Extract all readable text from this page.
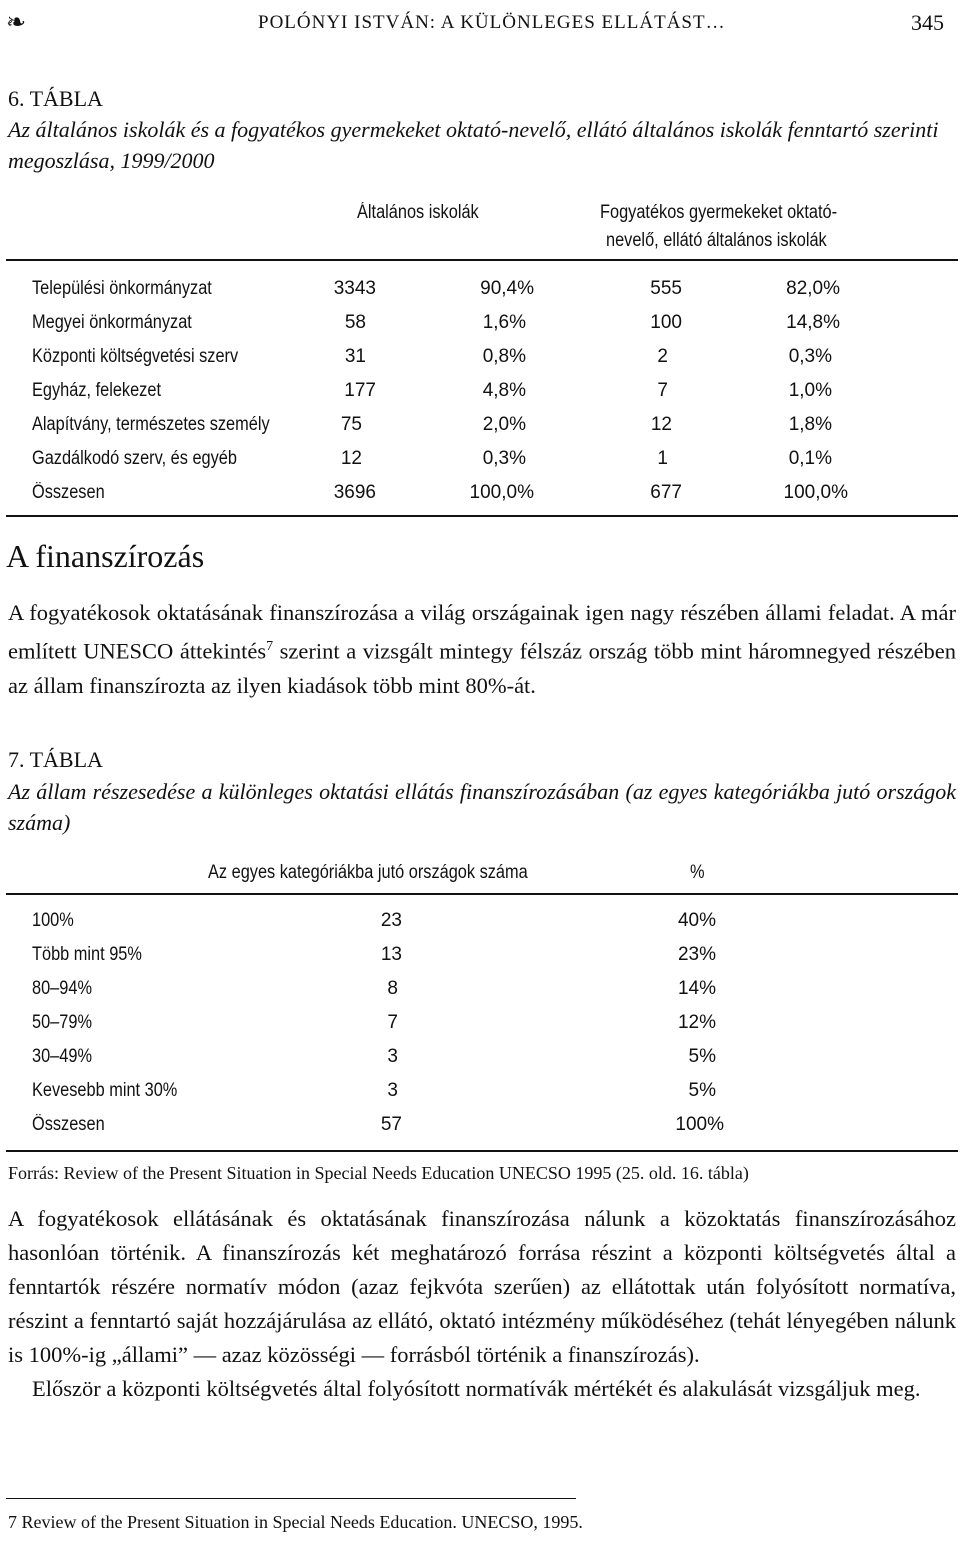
❧	POLÓNYI ISTVÁN: A KÜLÖNLEGES ELLÁTÁST…	345
6. TÁBLA
Az általános iskolák és a fogyatékos gyermekeket oktató-nevelő, ellátó általános iskolák fenntartó szerinti megoszlása, 1999/2000
Általános iskolák	Fogyatékos gyermekeket oktató-
nevelő, ellátó általános iskolák
Települési önkormányzat	3343	90,4%	555	82,0%
Megyei önkormányzat	58	1,6%	100	14,8%
Központi költségvetési szerv	31	0,8%	2	0,3%
Egyház, felekezet	177	4,8%	7	1,0%
Alapítvány, természetes személy	75	2,0%	12	1,8%
Gazdálkodó szerv, és egyéb	12	0,3%	1	0,1%
Összesen	3696	100,0%	677	100,0%
A finanszírozás

A fogyatékosok oktatásának finanszírozása a világ országainak igen nagy részében állami feladat. A már említett UNESCO áttekintés$^7$ szerint a vizsgált mintegy félszáz ország több mint háromnegyed részében az állam finanszírozta az ilyen kiadások több mint 80%-át.

7. TÁBLA
Az állam részesedése a különleges oktatási ellátás finanszírozásában (az egyes kategóriákba jutó országok száma)
Az egyes kategóriákba jutó országok száma	%
100%	23	40%
Több mint 95%	13	23%
80–94%	8	14%
50–79%	7	12%
30–49%	3	5%
Kevesebb mint 30%	3	5%
Összesen	57	100%
Forrás: Review of the Present Situation in Special Needs Education UNECSO 1995 (25. old. 16. tábla)

A fogyatékosok ellátásának és oktatásának finanszírozása nálunk a közoktatás finanszírozásához hasonlóan történik. A finanszírozás két meghatározó forrása részint a központi költségvetés által a fenntartók részére normatív módon (azaz fejkvóta szerűen) az ellátottak után folyósított normatíva, részint a fenntartó saját hozzájárulása az ellátó, oktató intézmény működéséhez (tehát lényegében nálunk is 100%-ig „állami” — azaz közösségi — forrásból történik a finanszírozás).

Először a központi költségvetés által folyósított normatívák mértékét és alakulását vizsgáljuk meg.

7 Review of the Present Situation in Special Needs Education. UNECSO, 1995.
